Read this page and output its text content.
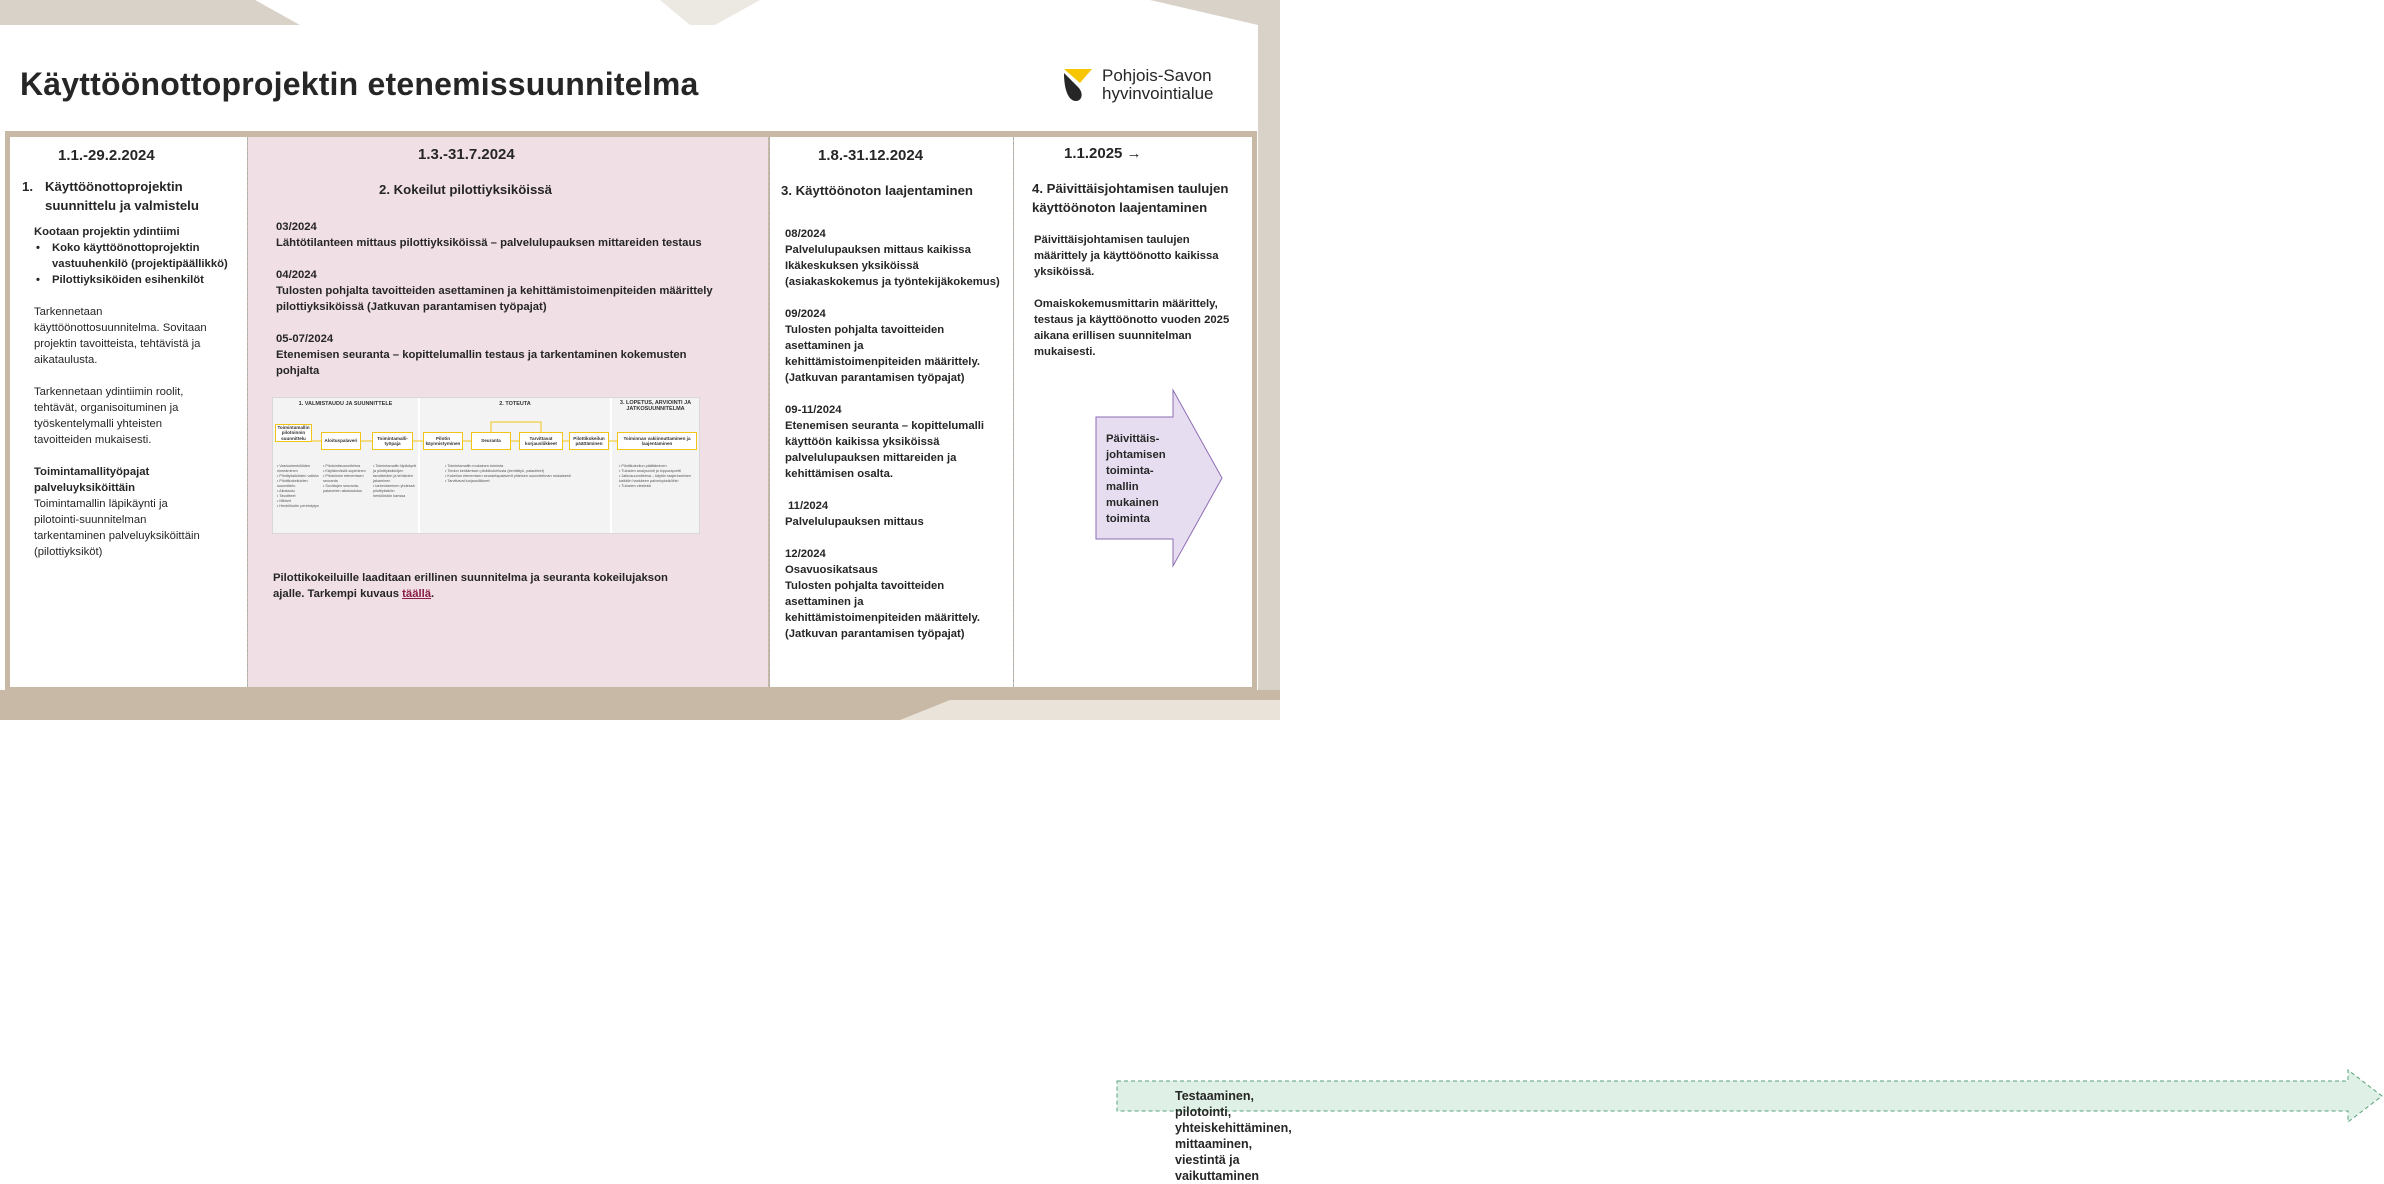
Käyttöönottoprojektin etenemissuunnitelma	Pohjois-Savon
hyvinvointialue
1.1.-29.2.2024
1. Käyttöönottoprojektin
suunnittelu ja valmistelu
Kootaan projektin ydintiimi
• Koko käyttöönottoprojektin
vastuuhenkilö (projektipäällikkö)
• Pilottiyksiköiden esihenkilöt
Tarkennetaan
käyttöönottosuunnitelma. Sovitaan
projektin tavoitteista, tehtävistä ja
aikataulusta.
Tarkennetaan ydintiimin roolit,
tehtävät, organisoituminen ja
työskentelymalli yhteisten
tavoitteiden mukaisesti.
Toimintamallityöpajat
palveluyksiköittäin
Toimintamallin läpikäynti ja
pilotointi-suunnitelman
tarkentaminen palveluyksiköittäin
(pilottiyksiköt)
1.3.-31.7.2024
2. Kokeilut pilottiyksiköissä
03/2024
Lähtötilanteen mittaus pilottiyksiköissä – palvelulupauksen mittareiden testaus
04/2024
Tulosten pohjalta tavoitteiden asettaminen ja kehittämistoimenpiteiden määrittely
pilottiyksiköissä (Jatkuvan parantamisen työpajat)
05-07/2024
Etenemisen seuranta – kopittelumallin testaus ja tarkentaminen kokemusten
pohjalta
1. VALMISTAUDU JA SUUNNITTELE	2. TOTEUTA	3. LOPETUS, ARVIOINTI JA
JATKOSUUNNITELMA
Toimintamallin pilotoinnin suunnittelu	Aloituspalaveri
Toimintamalli-työpaja
Pilotin käynnistyminen
Seuranta
Tarvittavat korjausliikkeet
Pilottikokeilun päättäminen
Toiminnan vakiinnuttaminen ja laajentaminen
• Vastuuhenkilöiden nimeäminen
• Pilottiyksiköiden valinta
• Pilottikokeiluiden suunnittelu
• Aikataulu
• Tavoitteet
• Mittarit
• Henkilöstön perehdytys
• Pilotointisuunnitelma
• Käytännöistä sopiminen
• Pilotoinnin etenemisen seuranta
• Sovittujen seuranta-palaverien aikataulutus
• Toimintamallin läpikäynti ja pilottiyksikköjen
tavoitteiden ja tehtävien jakaminen
• tarkentaminen yhdessä pilottiyksikön
henkilöstön kanssa
• Toimintamallin mukainen toiminta
• Tiedon keräämisen pilottikokeilusta (kenttätyö, palautteet)
• Kokeilun etenemisen seurantapalaverit yhteisen suunnitelman mukaisesti
• Tarvittavat korjausliikkeet
• Pilottikokeilun päättäminen
• Tulosten analysointi ja loppuraportti
• Jatkosuunnitelma – käytön laajentaminen
kaikkiin hankkeen palveluyksiköihin
• Tulosten viestintä
Pilottikokeiluille laaditaan erillinen suunnitelma ja seuranta kokeilujakson
ajalle. Tarkempi kuvaus täällä.
1.8.-31.12.2024
3. Käyttöönoton laajentaminen
08/2024
Palvelulupauksen mittaus kaikissa
Ikäkeskuksen yksiköissä
(asiakaskokemus ja työntekijäkokemus)
09/2024
Tulosten pohjalta tavoitteiden
asettaminen ja
kehittämistoimenpiteiden määrittely.
(Jatkuvan parantamisen työpajat)
09-11/2024
Etenemisen seuranta – kopittelumalli
käyttöön kaikissa yksiköissä
palvelulupauksen mittareiden ja
kehittämisen osalta.
11/2024
Palvelulupauksen mittaus
12/2024
Osavuosikatsaus
Tulosten pohjalta tavoitteiden
asettaminen ja
kehittämistoimenpiteiden määrittely.
(Jatkuvan parantamisen työpajat)
1.1.2025 →
4. Päivittäisjohtamisen taulujen
käyttöönoton laajentaminen
Päivittäisjohtamisen taulujen
määrittely ja käyttöönotto kaikissa
yksiköissä.
Omaiskokemusmittarin määrittely,
testaus ja käyttöönotto vuoden 2025
aikana erillisen suunnitelman
mukaisesti.
Päivittäis-
johtamisen
toiminta-
mallin
mukainen
toiminta
Testaaminen, pilotointi, yhteiskehittäminen, mittaaminen, viestintä ja vaikuttaminen
